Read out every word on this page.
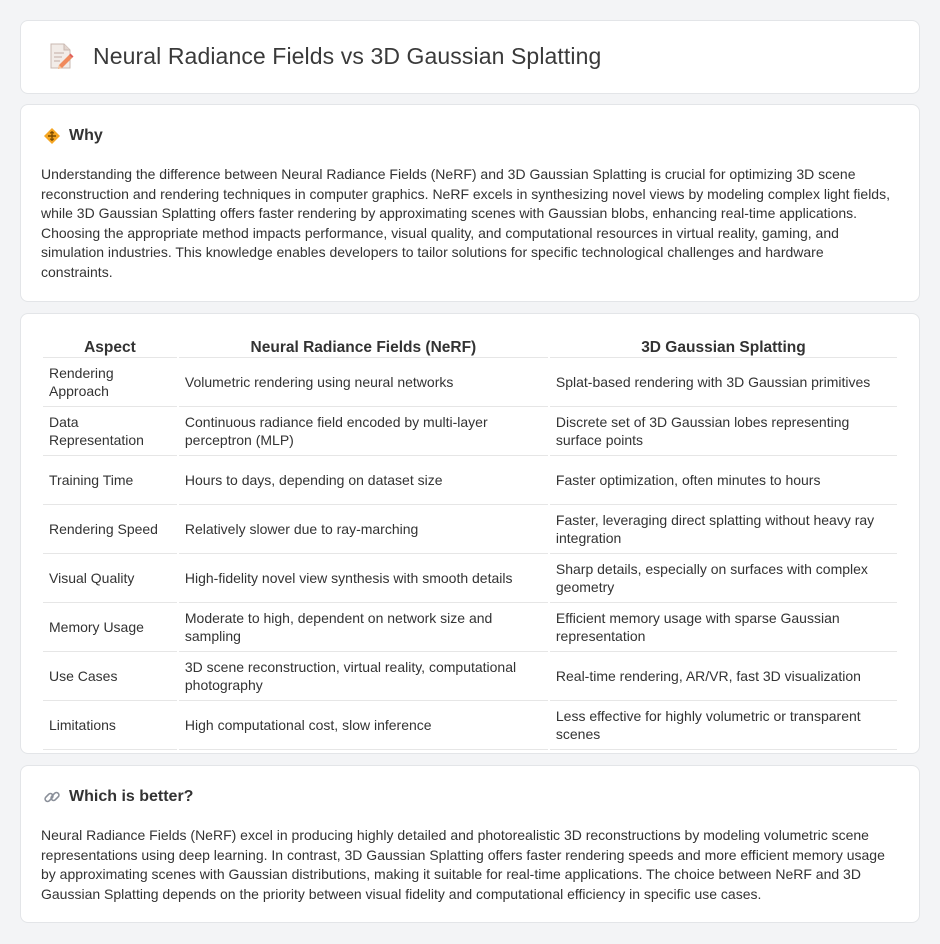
Neural Radiance Fields vs 3D Gaussian Splatting
Why

Understanding the difference between Neural Radiance Fields (NeRF) and 3D Gaussian Splatting is crucial for optimizing 3D scene reconstruction and rendering techniques in computer graphics. NeRF excels in synthesizing novel views by modeling complex light fields, while 3D Gaussian Splatting offers faster rendering by approximating scenes with Gaussian blobs, enhancing real-time applications. Choosing the appropriate method impacts performance, visual quality, and computational resources in virtual reality, gaming, and simulation industries. This knowledge enables developers to tailor solutions for specific technological challenges and hardware constraints.

Aspect	Neural Radiance Fields (NeRF)	3D Gaussian Splatting
Rendering Approach	Volumetric rendering using neural networks	Splat-based rendering with 3D Gaussian primitives
Data Representation	Continuous radiance field encoded by multi-layer perceptron (MLP)	Discrete set of 3D Gaussian lobes representing surface points
Training Time	Hours to days, depending on dataset size	Faster optimization, often minutes to hours
Rendering Speed	Relatively slower due to ray-marching	Faster, leveraging direct splatting without heavy ray integration
Visual Quality	High-fidelity novel view synthesis with smooth details	Sharp details, especially on surfaces with complex geometry
Memory Usage	Moderate to high, dependent on network size and sampling	Efficient memory usage with sparse Gaussian representation
Use Cases	3D scene reconstruction, virtual reality, computational photography	Real-time rendering, AR/VR, fast 3D visualization
Limitations	High computational cost, slow inference	Less effective for highly volumetric or transparent scenes
Which is better?

Neural Radiance Fields (NeRF) excel in producing highly detailed and photorealistic 3D reconstructions by modeling volumetric scene representations using deep learning. In contrast, 3D Gaussian Splatting offers faster rendering speeds and more efficient memory usage by approximating scenes with Gaussian distributions, making it suitable for real-time applications. The choice between NeRF and 3D Gaussian Splatting depends on the priority between visual fidelity and computational efficiency in specific use cases.
